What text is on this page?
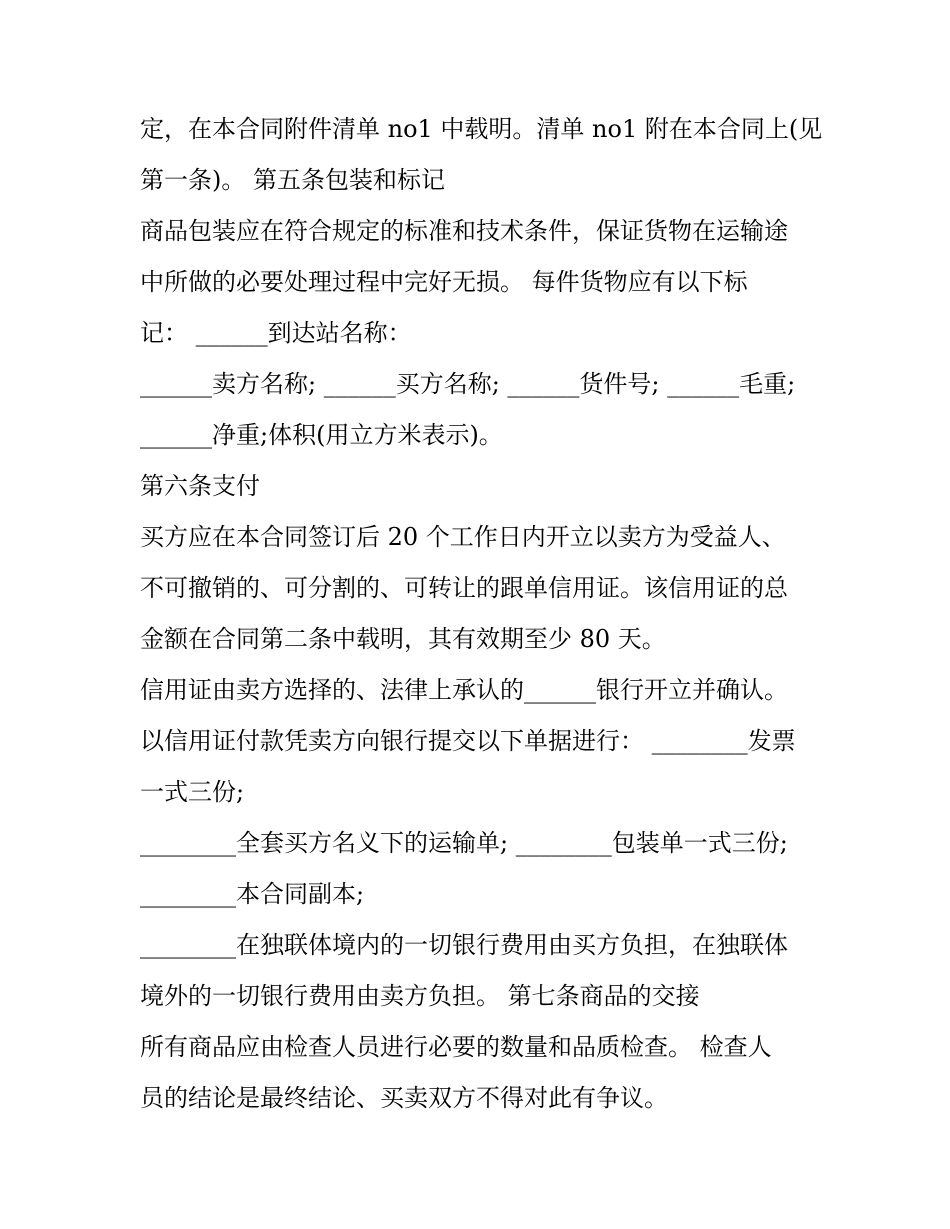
定，在本合同附件清单 no1 中载明。清单 no1 附在本合同上(见
第一条)。 第五条包装和标记
商品包装应在符合规定的标准和技术条件，保证货物在运输途
中所做的必要处理过程中完好无损。 每件货物应有以下标
记： ______到达站名称：
______卖方名称; ______买方名称; ______货件号; ______毛重;
______净重;体积(用立方米表示)。
第六条支付
买方应在本合同签订后 20 个工作日内开立以卖方为受益人、
不可撤销的、可分割的、可转让的跟单信用证。该信用证的总
金额在合同第二条中载明，其有效期至少 80 天。
信用证由卖方选择的、法律上承认的______银行开立并确认。
以信用证付款凭卖方向银行提交以下单据进行： ________发票
一式三份;
________全套买方名义下的运输单; ________包装单一式三份;
________本合同副本;
________在独联体境内的一切银行费用由买方负担，在独联体
境外的一切银行费用由卖方负担。 第七条商品的交接
所有商品应由检查人员进行必要的数量和品质检查。 检查人
员的结论是最终结论、买卖双方不得对此有争议。
